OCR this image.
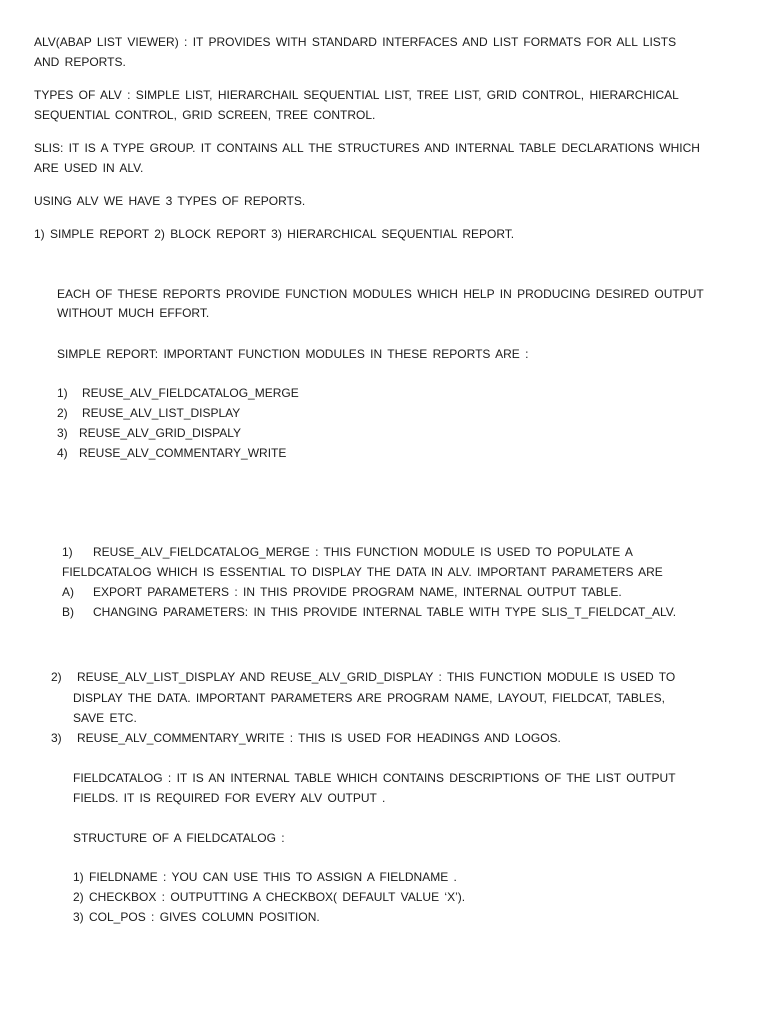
ALV(ABAP LIST VIEWER) : IT PROVIDES WITH STANDARD INTERFACES AND LIST FORMATS FOR ALL LISTS
AND REPORTS.
TYPES OF ALV : SIMPLE LIST, HIERARCHAIL SEQUENTIAL LIST, TREE LIST, GRID CONTROL, HIERARCHICAL
SEQUENTIAL CONTROL, GRID SCREEN, TREE CONTROL.
SLIS: IT IS A TYPE GROUP. IT CONTAINS ALL THE STRUCTURES AND INTERNAL TABLE DECLARATIONS WHICH
ARE USED IN ALV.
USING ALV WE HAVE 3 TYPES OF REPORTS.
1) SIMPLE REPORT 2) BLOCK REPORT 3) HIERARCHICAL SEQUENTIAL REPORT.
EACH OF THESE REPORTS PROVIDE FUNCTION MODULES WHICH HELP IN PRODUCING DESIRED OUTPUT
WITHOUT MUCH EFFORT.
SIMPLE REPORT: IMPORTANT FUNCTION MODULES IN THESE REPORTS ARE :
1) REUSE_ALV_FIELDCATALOG_MERGE
2) REUSE_ALV_LIST_DISPLAY
3) REUSE_ALV_GRID_DISPALY
4) REUSE_ALV_COMMENTARY_WRITE
1) REUSE_ALV_FIELDCATALOG_MERGE : THIS FUNCTION MODULE IS USED TO POPULATE A
FIELDCATALOG WHICH IS ESSENTIAL TO DISPLAY THE DATA IN ALV. IMPORTANT PARAMETERS ARE
A) EXPORT PARAMETERS : IN THIS PROVIDE PROGRAM NAME, INTERNAL OUTPUT TABLE.
B) CHANGING PARAMETERS: IN THIS PROVIDE INTERNAL TABLE WITH TYPE SLIS_T_FIELDCAT_ALV.
2) REUSE_ALV_LIST_DISPLAY AND REUSE_ALV_GRID_DISPLAY : THIS FUNCTION MODULE IS USED TO
DISPLAY THE DATA. IMPORTANT PARAMETERS ARE PROGRAM NAME, LAYOUT, FIELDCAT, TABLES,
SAVE ETC.
3) REUSE_ALV_COMMENTARY_WRITE : THIS IS USED FOR HEADINGS AND LOGOS.
FIELDCATALOG : IT IS AN INTERNAL TABLE WHICH CONTAINS DESCRIPTIONS OF THE LIST OUTPUT
FIELDS. IT IS REQUIRED FOR EVERY ALV OUTPUT .
STRUCTURE OF A FIELDCATALOG :
1) FIELDNAME : YOU CAN USE THIS TO ASSIGN A FIELDNAME .
2) CHECKBOX : OUTPUTTING A CHECKBOX( DEFAULT VALUE ‘X’).
3) COL_POS : GIVES COLUMN POSITION.
